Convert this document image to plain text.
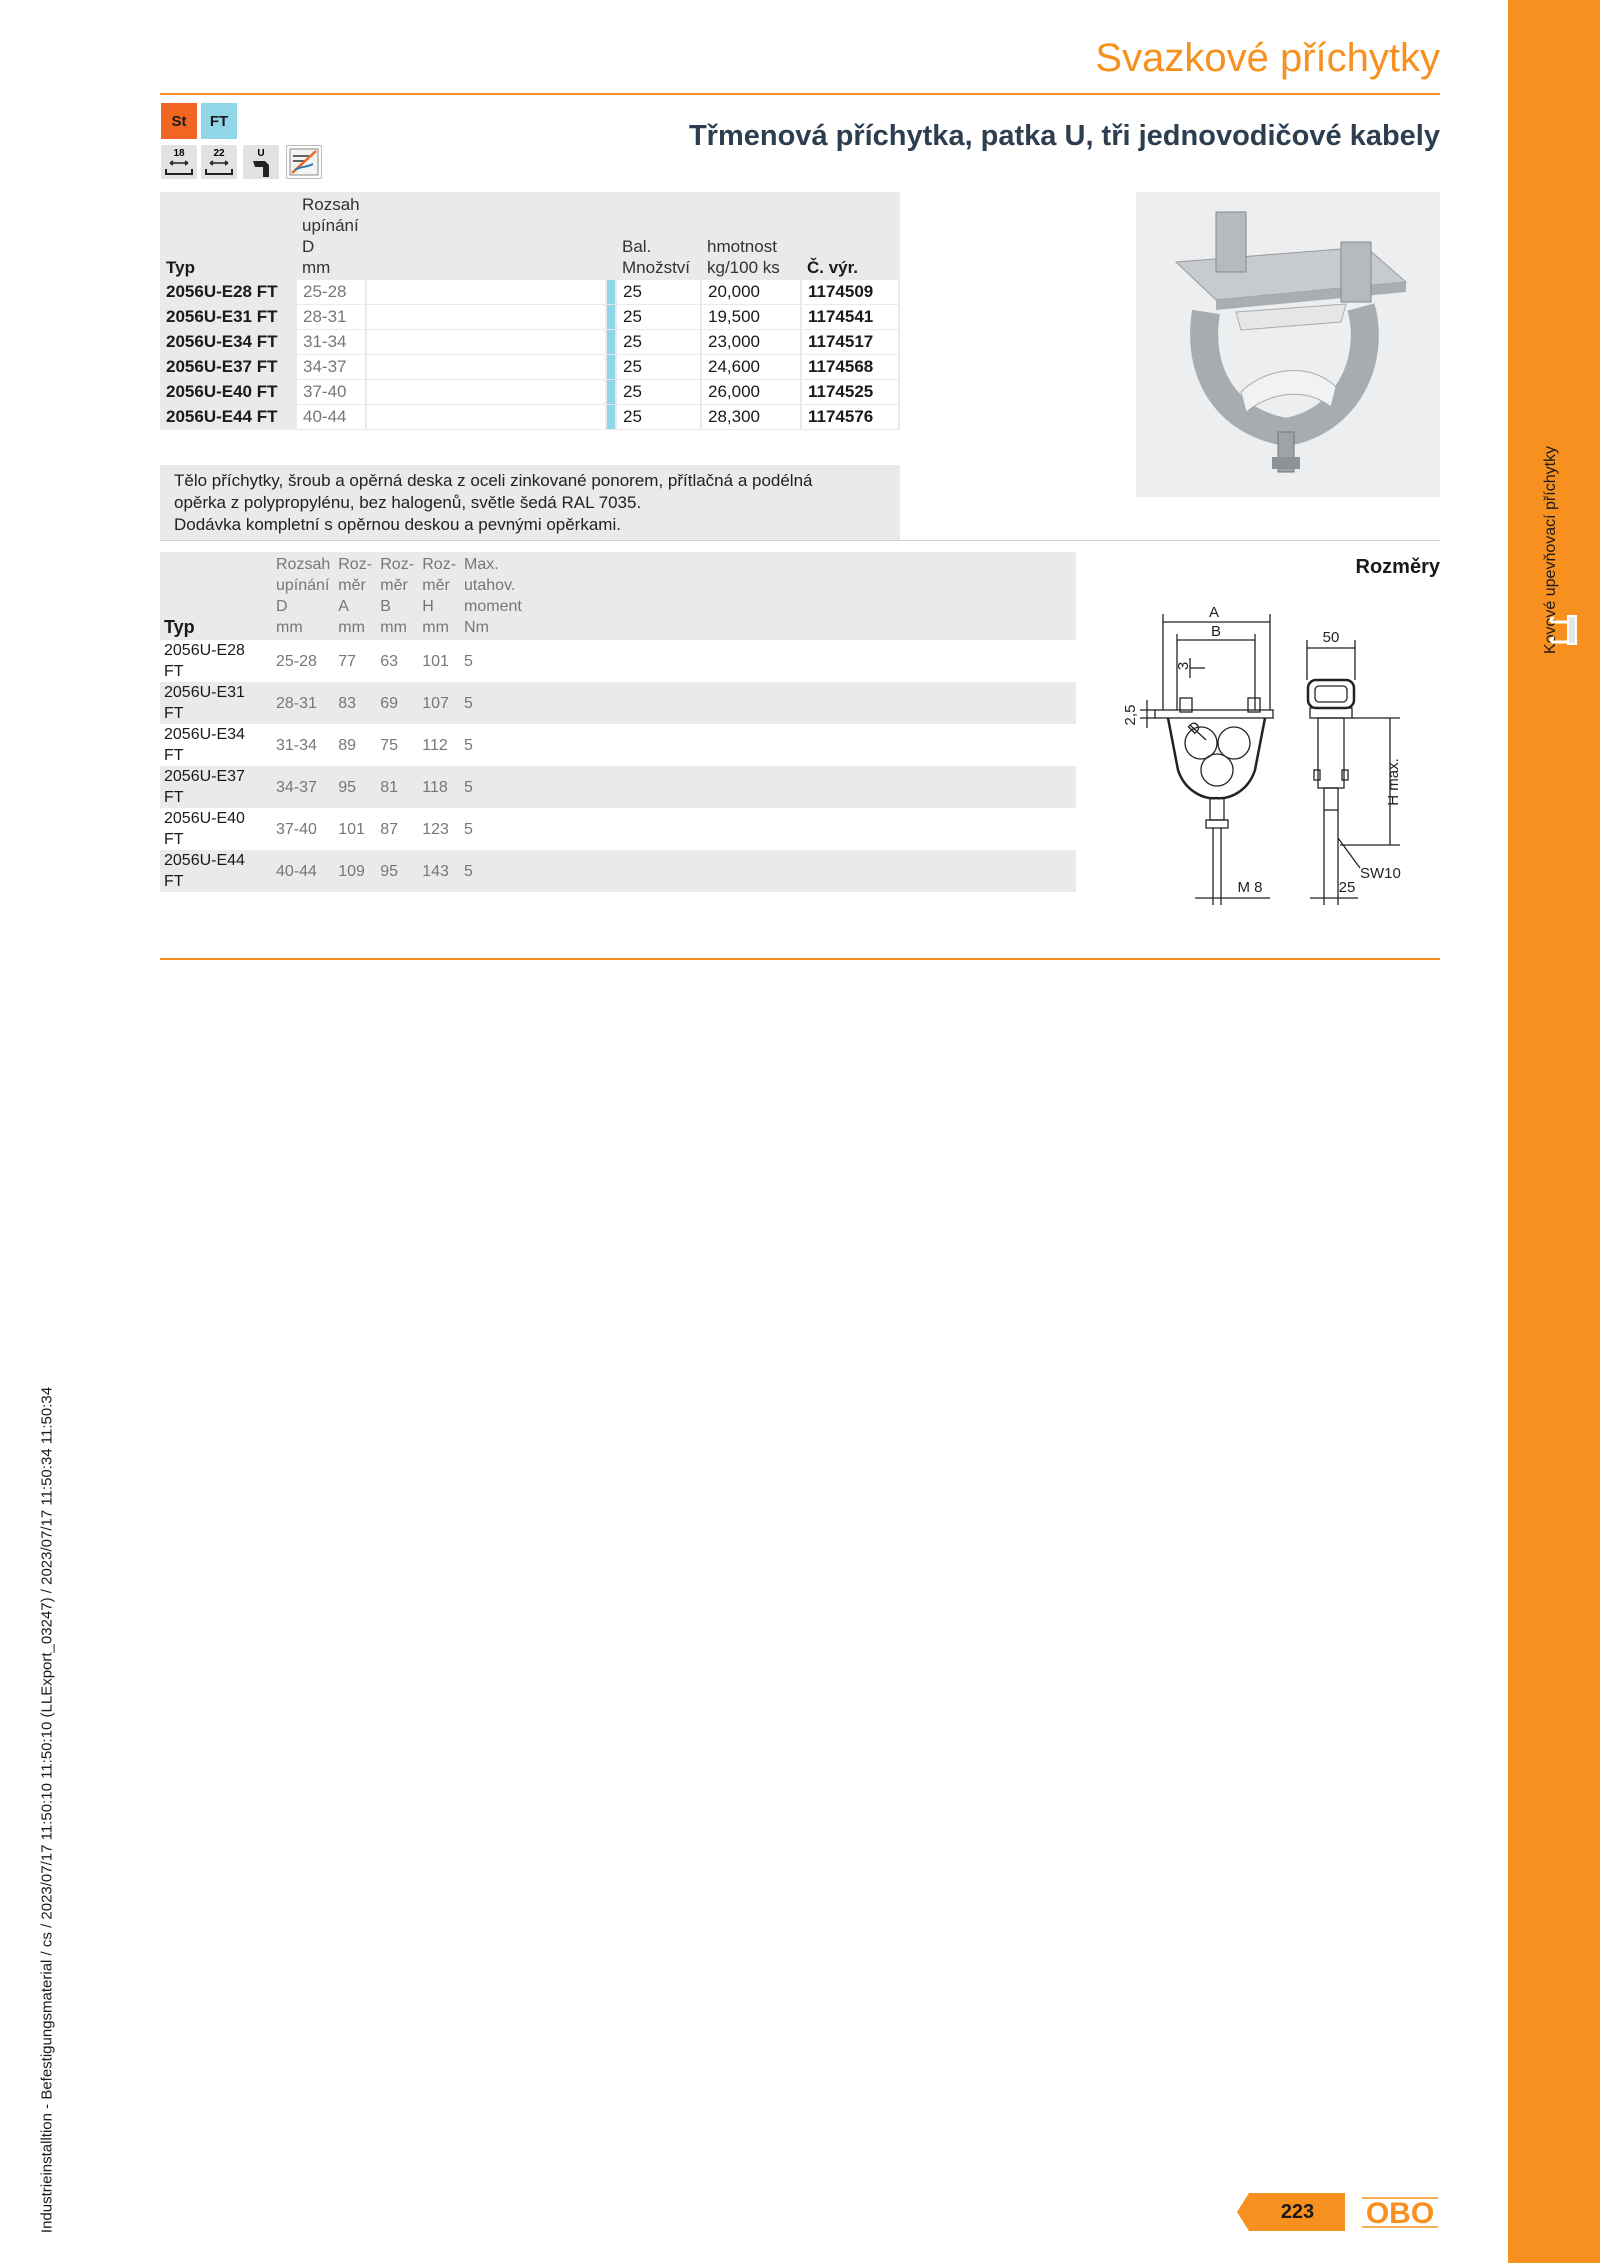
Kovové upevňovací příchytky
Svazkové příchytky
St	FT
18	22	U
Třmenová příchytka, patka U, tři jednovodičové kabely
Typ	Rozsah
upínání
D
mm			Bal.
Množství	hmotnost
kg/100 ks	Č. výr.
2056U-E28 FT	25-28			25	20,000	1174509
2056U-E31 FT	28-31			25	19,500	1174541
2056U-E34 FT	31-34			25	23,000	1174517
2056U-E37 FT	34-37			25	24,600	1174568
2056U-E40 FT	37-40			25	26,000	1174525
2056U-E44 FT	40-44			25	28,300	1174576
Tělo příchytky, šroub a opěrná deska z oceli zinkované ponorem, přítlačná a podélná
opěrka z polypropylénu, bez halogenů, světle šedá RAL 7035.
Dodávka kompletní s opěrnou deskou a pevnými opěrkami.
Typ	Rozsah
upínání
D
mm	Roz-
měr
A
mm	Roz-
měr
B
mm	Roz-
měr
H
mm	Max.
utahov.
moment
Nm
2056U-E28 FT	25-28	77	63	101	5
2056U-E31 FT	28-31	83	69	107	5
2056U-E34 FT	31-34	89	75	112	5
2056U-E37 FT	34-37	95	81	118	5
2056U-E40 FT	37-40	101	87	123	5
2056U-E44 FT	40-44	109	95	143	5
Rozměry
A
B
3
2,5
D
M 8
50
H max.
25
SW10
Industrieinstalltion - Befestigungsmaterial / cs / 2023/07/17 11:50:10 11:50:10 (LLExport_03247) / 2023/07/17 11:50:34 11:50:34	223	OBO
